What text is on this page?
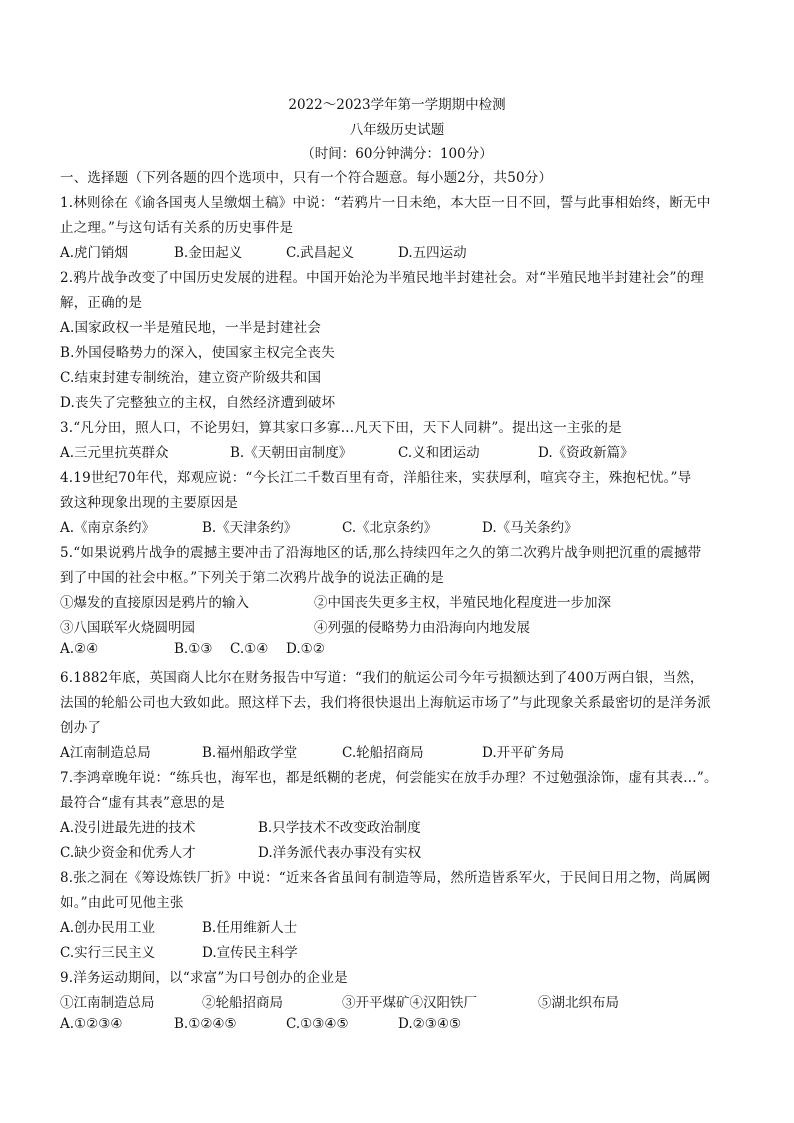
2022～2023学年第一学期期中检测
八年级历史试题
（时间：60分钟满分：100分）
一、选择题（下列各题的四个选项中，只有一个符合题意。每小题2分，共50分）
1.林则徐在《谕各国夷人呈缴烟土稿》中说：“若鸦片一日未绝，本大臣一日不回，誓与此事相始终，断无中
止之理。”与这句话有关系的历史事件是
A.虎门销烟	B.金田起义	C.武昌起义	D.五四运动
2.鸦片战争改变了中国历史发展的进程。中国开始沦为半殖民地半封建社会。对“半殖民地半封建社会”的理
解，正确的是
A.国家政权一半是殖民地，一半是封建社会
B.外国侵略势力的深入，使国家主权完全丧失
C.结束封建专制统治，建立资产阶级共和国
D.丧失了完整独立的主权，自然经济遭到破坏
3.“凡分田，照人口，不论男妇，算其家口多寡…凡天下田，天下人同耕”。提出这一主张的是
A.三元里抗英群众	B.《天朝田亩制度》	C.义和团运动	D.《资政新篇》
4.19世纪70年代，郑观应说：“今长江二千数百里有奇，洋船往来，实获厚利，喧宾夺主，殊抱杞忧。”导
致这种现象出现的主要原因是
A.《南京条约》	B.《天津条约》	C.《北京条约》	D.《马关条约》
5.“如果说鸦片战争的震撼主要冲击了沿海地区的话,那么持续四年之久的第二次鸦片战争则把沉重的震撼带
到了中国的社会中枢。”下列关于第二次鸦片战争的说法正确的是
①爆发的直接原因是鸦片的输入	②中国丧失更多主权，半殖民地化程度进一步加深
③八国联军火烧圆明园	④列强的侵略势力由沿海向内地发展
A.②④	B.①③ C.①④ D.①②
6.1882年底，英国商人比尔在财务报告中写道：“我们的航运公司今年亏损额达到了400万两白银，当然，
法国的轮船公司也大致如此。照这样下去，我们将很快退出上海航运市场了”与此现象关系最密切的是洋务派
创办了
A江南制造总局	B.福州船政学堂	C.轮船招商局	D.开平矿务局
7.李鸿章晚年说：“练兵也，海军也，都是纸糊的老虎，何尝能实在放手办理？不过勉强涂饰，虚有其表…”。
最符合“虚有其表”意思的是
A.没引进最先进的技术	B.只学技术不改变政治制度
C.缺少资金和优秀人才	D.洋务派代表办事没有实权
8.张之洞在《筹设炼铁厂折》中说：“近来各省虽间有制造等局，然所造皆系军火，于民间日用之物，尚属阙
如。”由此可见他主张
A.创办民用工业	B.任用维新人士
C.实行三民主义	D.宣传民主科学
9.洋务运动期间，以“求富”为口号创办的企业是
①江南制造总局	②轮船招商局	③开平煤矿④汉阳铁厂	⑤湖北织布局
A.①②③④	B.①②④⑤	C.①③④⑤	D.②③④⑤
